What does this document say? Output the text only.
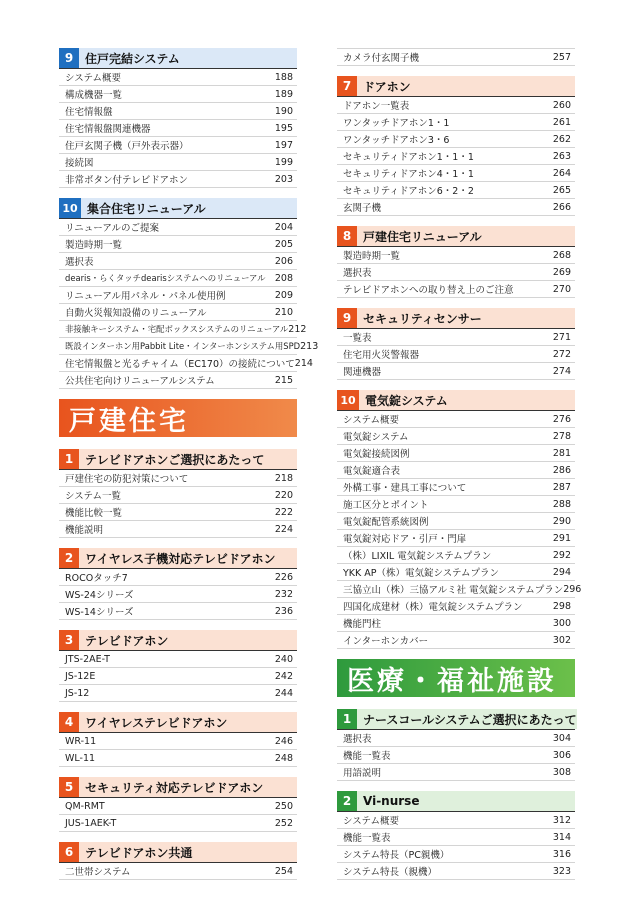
9 住戸完結システム
システム概要	188
構成機器一覧	189
住宅情報盤	190
住宅情報盤関連機器	195
住戸玄関子機（戸外表示器）	197
接続図	199
非常ボタン付テレビドアホン	203
10 集合住宅リニューアル
リニューアルのご提案	204
製造時期一覧	205
選択表	206
dearis・らくタッチdearisシステムへのリニューアル 208
リニューアル用パネル・パネル使用例	209
自動火災報知設備のリニューアル	210
非接触キーシステム・宅配ボックスシステムのリニューアル 212
既設インターホン用Pabbit Lite・インターホンシステム用SPD 213
住宅情報盤と光るチャイム（EC170）の接続について 214
公共住宅向けリニューアルシステム	215
戸建住宅
1 テレビドアホンご選択にあたって
戸建住宅の防犯対策について	218
システム一覧	220
機能比較一覧	222
機能説明	224
2 ワイヤレス子機対応テレビドアホン
ROCOタッチ7	226
WS-24シリーズ	232
WS-14シリーズ	236
3 テレビドアホン
JTS-2AE-T	240
JS-12E	242
JS-12	244
4 ワイヤレステレビドアホン
WR-11	246
WL-11	248
5 セキュリティ対応テレビドアホン
QM-RMT	250
JUS-1AEK-T	252
6 テレビドアホン共通
二世帯システム	254
カメラ付玄関子機	257
7 ドアホン
ドアホン一覧表	260
ワンタッチドアホン1・1	261
ワンタッチドアホン3・6	262
セキュリティドアホン1・1・1	263
セキュリティドアホン4・1・1	264
セキュリティドアホン6・2・2	265
玄関子機	266
8 戸建住宅リニューアル
製造時期一覧	268
選択表	269
テレビドアホンへの取り替え上のご注意	270
9 セキュリティセンサー
一覧表	271
住宅用火災警報器	272
関連機器	274
10 電気錠システム
システム概要	276
電気錠システム	278
電気錠接続図例	281
電気錠適合表	286
外構工事・建具工事について	287
施工区分とポイント	288
電気錠配管系統図例	290
電気錠対応ドア・引戸・門扉	291
（株）LIXIL 電気錠システムプラン	292
YKK AP（株）電気錠システムプラン	294
三協立山（株）三協アルミ社 電気錠システムプラン 296
四国化成建材（株）電気錠システムプラン	298
機能門柱	300
インターホンカバー	302
医療・福祉施設
1 ナースコールシステムご選択にあたって
選択表	304
機能一覧表	306
用語説明	308
2 Vi-nurse
システム概要	312
機能一覧表	314
システム特長（PC親機）	316
システム特長（親機）	323
